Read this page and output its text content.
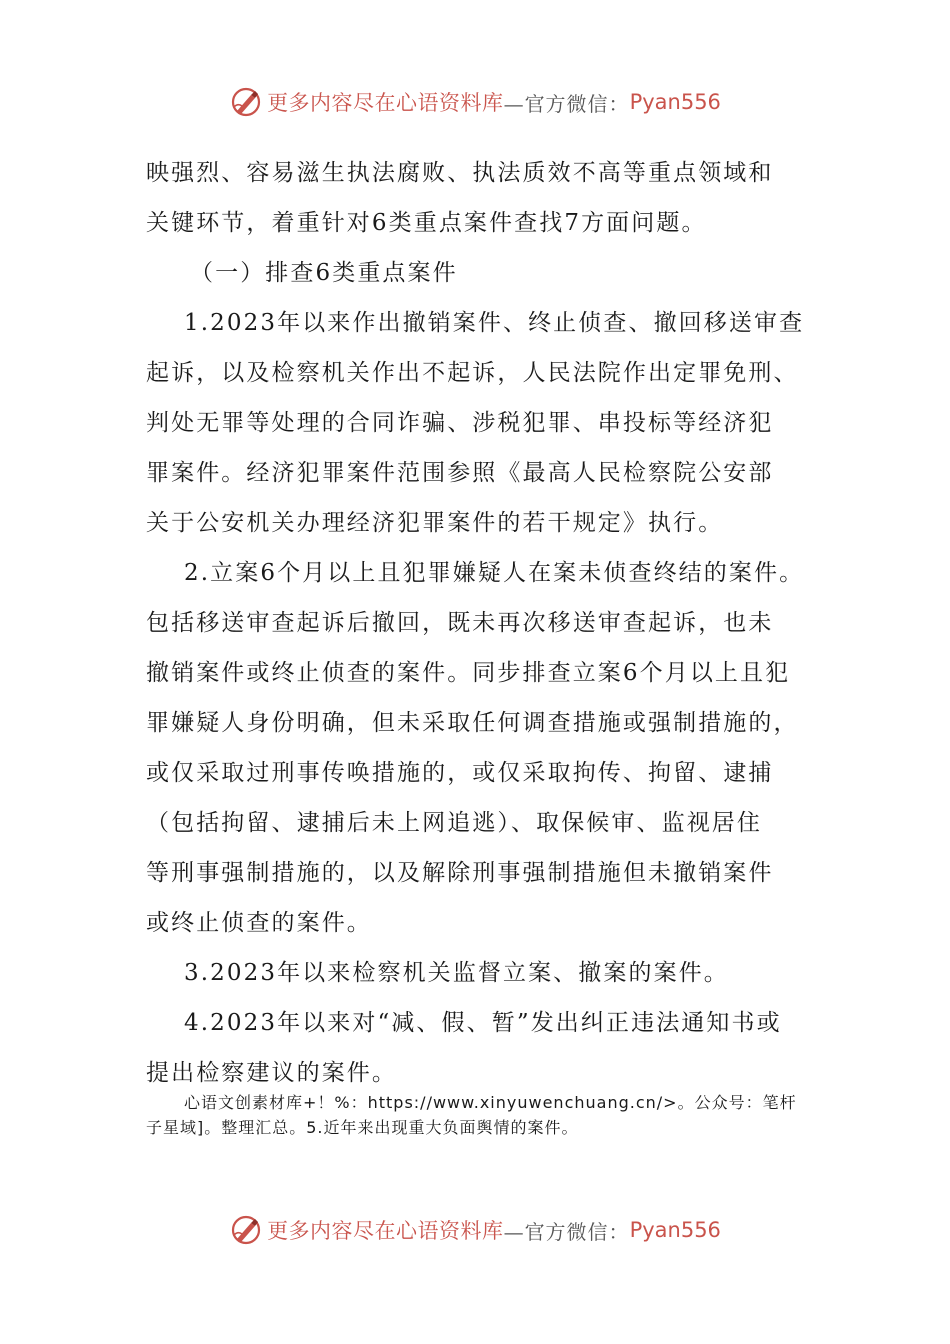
更多内容尽在心语资料库 —官方微信： Pyan556
映强烈、容易滋生执法腐败、执法质效不高等重点领域和
关键环节，着重针对6类重点案件查找7方面问题。
（一）排查6类重点案件
1.2023年以来作出撤销案件、终止侦查、撤回移送审查
起诉，以及检察机关作出不起诉，人民法院作出定罪免刑、
判处无罪等处理的合同诈骗、涉税犯罪、串投标等经济犯
罪案件。经济犯罪案件范围参照《最高人民检察院公安部
关于公安机关办理经济犯罪案件的若干规定》执行。
2.立案6个月以上且犯罪嫌疑人在案未侦查终结的案件。
包括移送审查起诉后撤回，既未再次移送审查起诉，也未
撤销案件或终止侦查的案件。同步排查立案6个月以上且犯
罪嫌疑人身份明确，但未采取任何调查措施或强制措施的，
或仅采取过刑事传唤措施的，或仅采取拘传、拘留、逮捕
（包括拘留、逮捕后未上网追逃）、取保候审、监视居住
等刑事强制措施的，以及解除刑事强制措施但未撤销案件
或终止侦查的案件。
3.2023年以来检察机关监督立案、撤案的案件。
4.2023年以来对“减、假、暂”发出纠正违法通知书或
提出检察建议的案件。
心语文创素材库+！%：https://www.xinyuwenchuang.cn/>。公众号：笔杆
子星域]。整理汇总。5.近年来出现重大负面舆情的案件。
更多内容尽在心语资料库 —官方微信： Pyan556
